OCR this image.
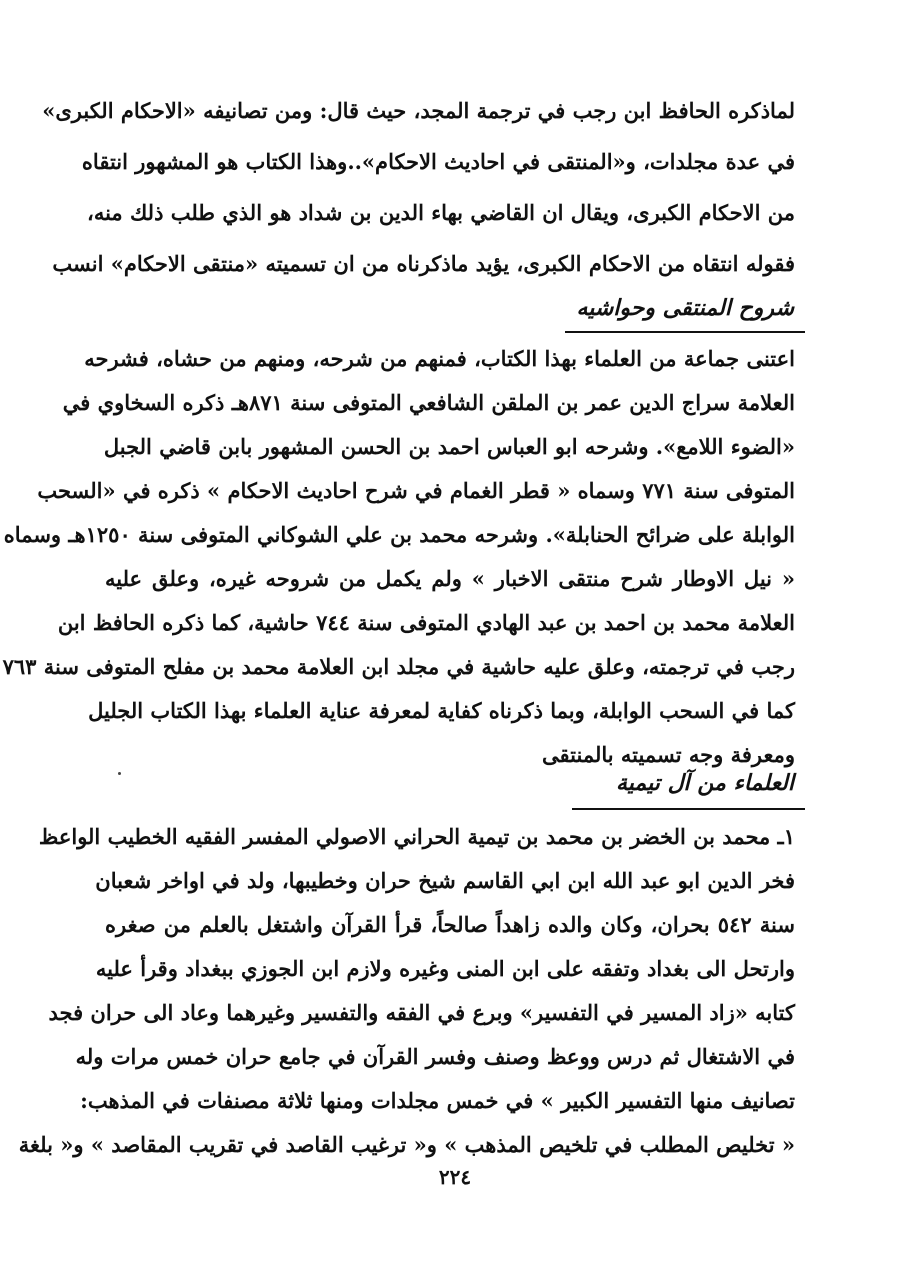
لماذكره الحافظ ابن رجب في ترجمة المجد، حيث قال: ومن تصانيفه «الاحكام الكبرى»
في عدة مجلدات، و«المنتقى في احاديث الاحكام»..وهذا الكتاب هو المشهور انتقاه
من الاحكام الكبرى، ويقال ان القاضي بهاء الدين بن شداد هو الذي طلب ذلك منه،
فقوله انتقاه من الاحكام الكبرى، يؤيد ماذكرناه من ان تسميته «منتقى الاحكام» انسب
شروح المنتقى وحواشيه
اعتنى جماعة من العلماء بهذا الكتاب، فمنهم من شرحه، ومنهم من حشاه، فشرحه
العلامة سراج الدين عمر بن الملقن الشافعي المتوفى سنة ٨٧١هـ ذكره السخاوي في
«الضوء اللامع». وشرحه ابو العباس احمد بن الحسن المشهور بابن قاضي الجبل
المتوفى سنة ٧٧١ وسماه « قطر الغمام في شرح احاديث الاحكام » ذكره في «السحب
الوابلة على ضرائح الحنابلة». وشرحه محمد بن علي الشوكاني المتوفى سنة ١٢٥٠هـ وسماه
« نيل الاوطار شرح منتقى الاخبار » ولم يكمل من شروحه غيره، وعلق عليه
العلامة محمد بن احمد بن عبد الهادي المتوفى سنة ٧٤٤ حاشية، كما ذكره الحافظ ابن
رجب في ترجمته، وعلق عليه حاشية في مجلد ابن العلامة محمد بن مفلح المتوفى سنة ٧٦٣
كما في السحب الوابلة، وبما ذكرناه كفاية لمعرفة عناية العلماء بهذا الكتاب الجليل
ومعرفة وجه تسميته بالمنتقى
العلماء من آل تيمية
١ـ محمد بن الخضر بن محمد بن تيمية الحراني الاصولي المفسر الفقيه الخطيب الواعظ
فخر الدين ابو عبد الله ابن ابي القاسم شيخ حران وخطيبها، ولد في اواخر شعبان
سنة ٥٤٢ بحران، وكان والده زاهداً صالحاً، قرأ القرآن واشتغل بالعلم من صغره
وارتحل الى بغداد وتفقه على ابن المنى وغيره ولازم ابن الجوزي ببغداد وقرأ عليه
كتابه «زاد المسير في التفسير» وبرع في الفقه والتفسير وغيرهما وعاد الى حران فجد
في الاشتغال ثم درس ووعظ وصنف وفسر القرآن في جامع حران خمس مرات وله
تصانيف منها التفسير الكبير » في خمس مجلدات ومنها ثلاثة مصنفات في المذهب:
« تخليص المطلب في تلخيص المذهب » و« ترغيب القاصد في تقريب المقاصد » و« بلغة
٢٢٤
